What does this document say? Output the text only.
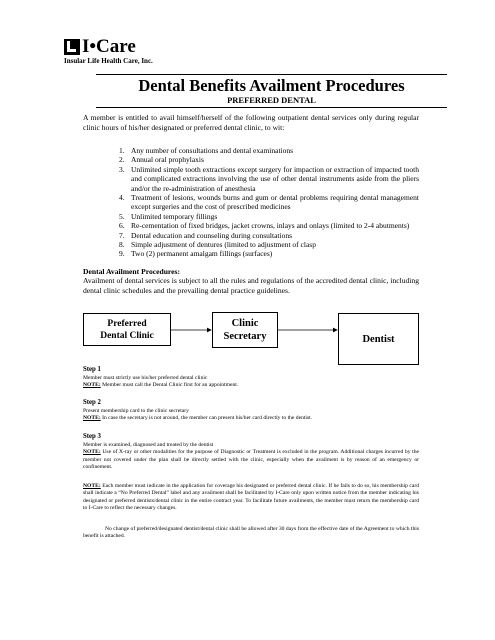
I•Care
Insular Life Health Care, Inc.
Dental Benefits Availment Procedures
PREFERRED DENTAL
A member is entitled to avail himself/herself of the following outpatient dental services only during regular clinic hours of his/her designated or preferred dental clinic, to wit:
1. Any number of consultations and dental examinations
2. Annual oral prophylaxis
3. Unlimited simple tooth extractions except surgery for impaction or extraction of impacted tooth and complicated extractions involving the use of other dental instruments aside from the pliers and/or the re-administration of anesthesia
4. Treatment of lesions, wounds burns and gum or dental problems requiring dental management except surgeries and the cost of prescribed medicines
5. Unlimited temporary fillings
6. Re-cementation of fixed bridges, jacket crowns, inlays and onlays (limited to 2-4 abutments)
7. Dental education and counseling during consultations
8. Simple adjustment of dentures (limited to adjustment of clasp
9. Two (2) permanent amalgam fillings (surfaces)
Dental Availment Procedures:
Availment of dental services is subject to all the rules and regulations of the accredited dental clinic, including dental clinic schedules and the prevailing dental practice guidelines.
Preferred
Dental Clinic
Clinic
Secretary	Dentist
Step 1

Member must strictly use his/her preferred dental clinic

NOTE: Member must call the Dental Clinic first for an appointment.

Step 2

Present membership card to the clinic secretary

NOTE: In case the secretary is not around, the member can present his/her card directly to the dentist.

Step 3

Member is examined, diagnosed and treated by the dentist

NOTE: Use of X-ray or other modalities for the purpose of Diagnostic or Treatment is excluded in the program. Additional charges incurred by the member not covered under the plan shall be directly settled with the clinic, especially when the availment is by reason of an emergency or confinement.

NOTE: Each member must indicate in the application for coverage his designated or preferred dental clinic. If he fails to do so, his membership card shall indicate a “No Preferred Dental” label and any availment shall be facilitated by I-Care only upon written notice from the member indicating his designated or preferred dentists/dental clinic in the entire contract year. To facilitate future availments, the member must return the membership card to I-Care to reflect the necessary changes.

No change of preferred/designated dentist/dental clinic shall be allowed after 30 days from the effective date of the Agreement to which this benefit is attached.
